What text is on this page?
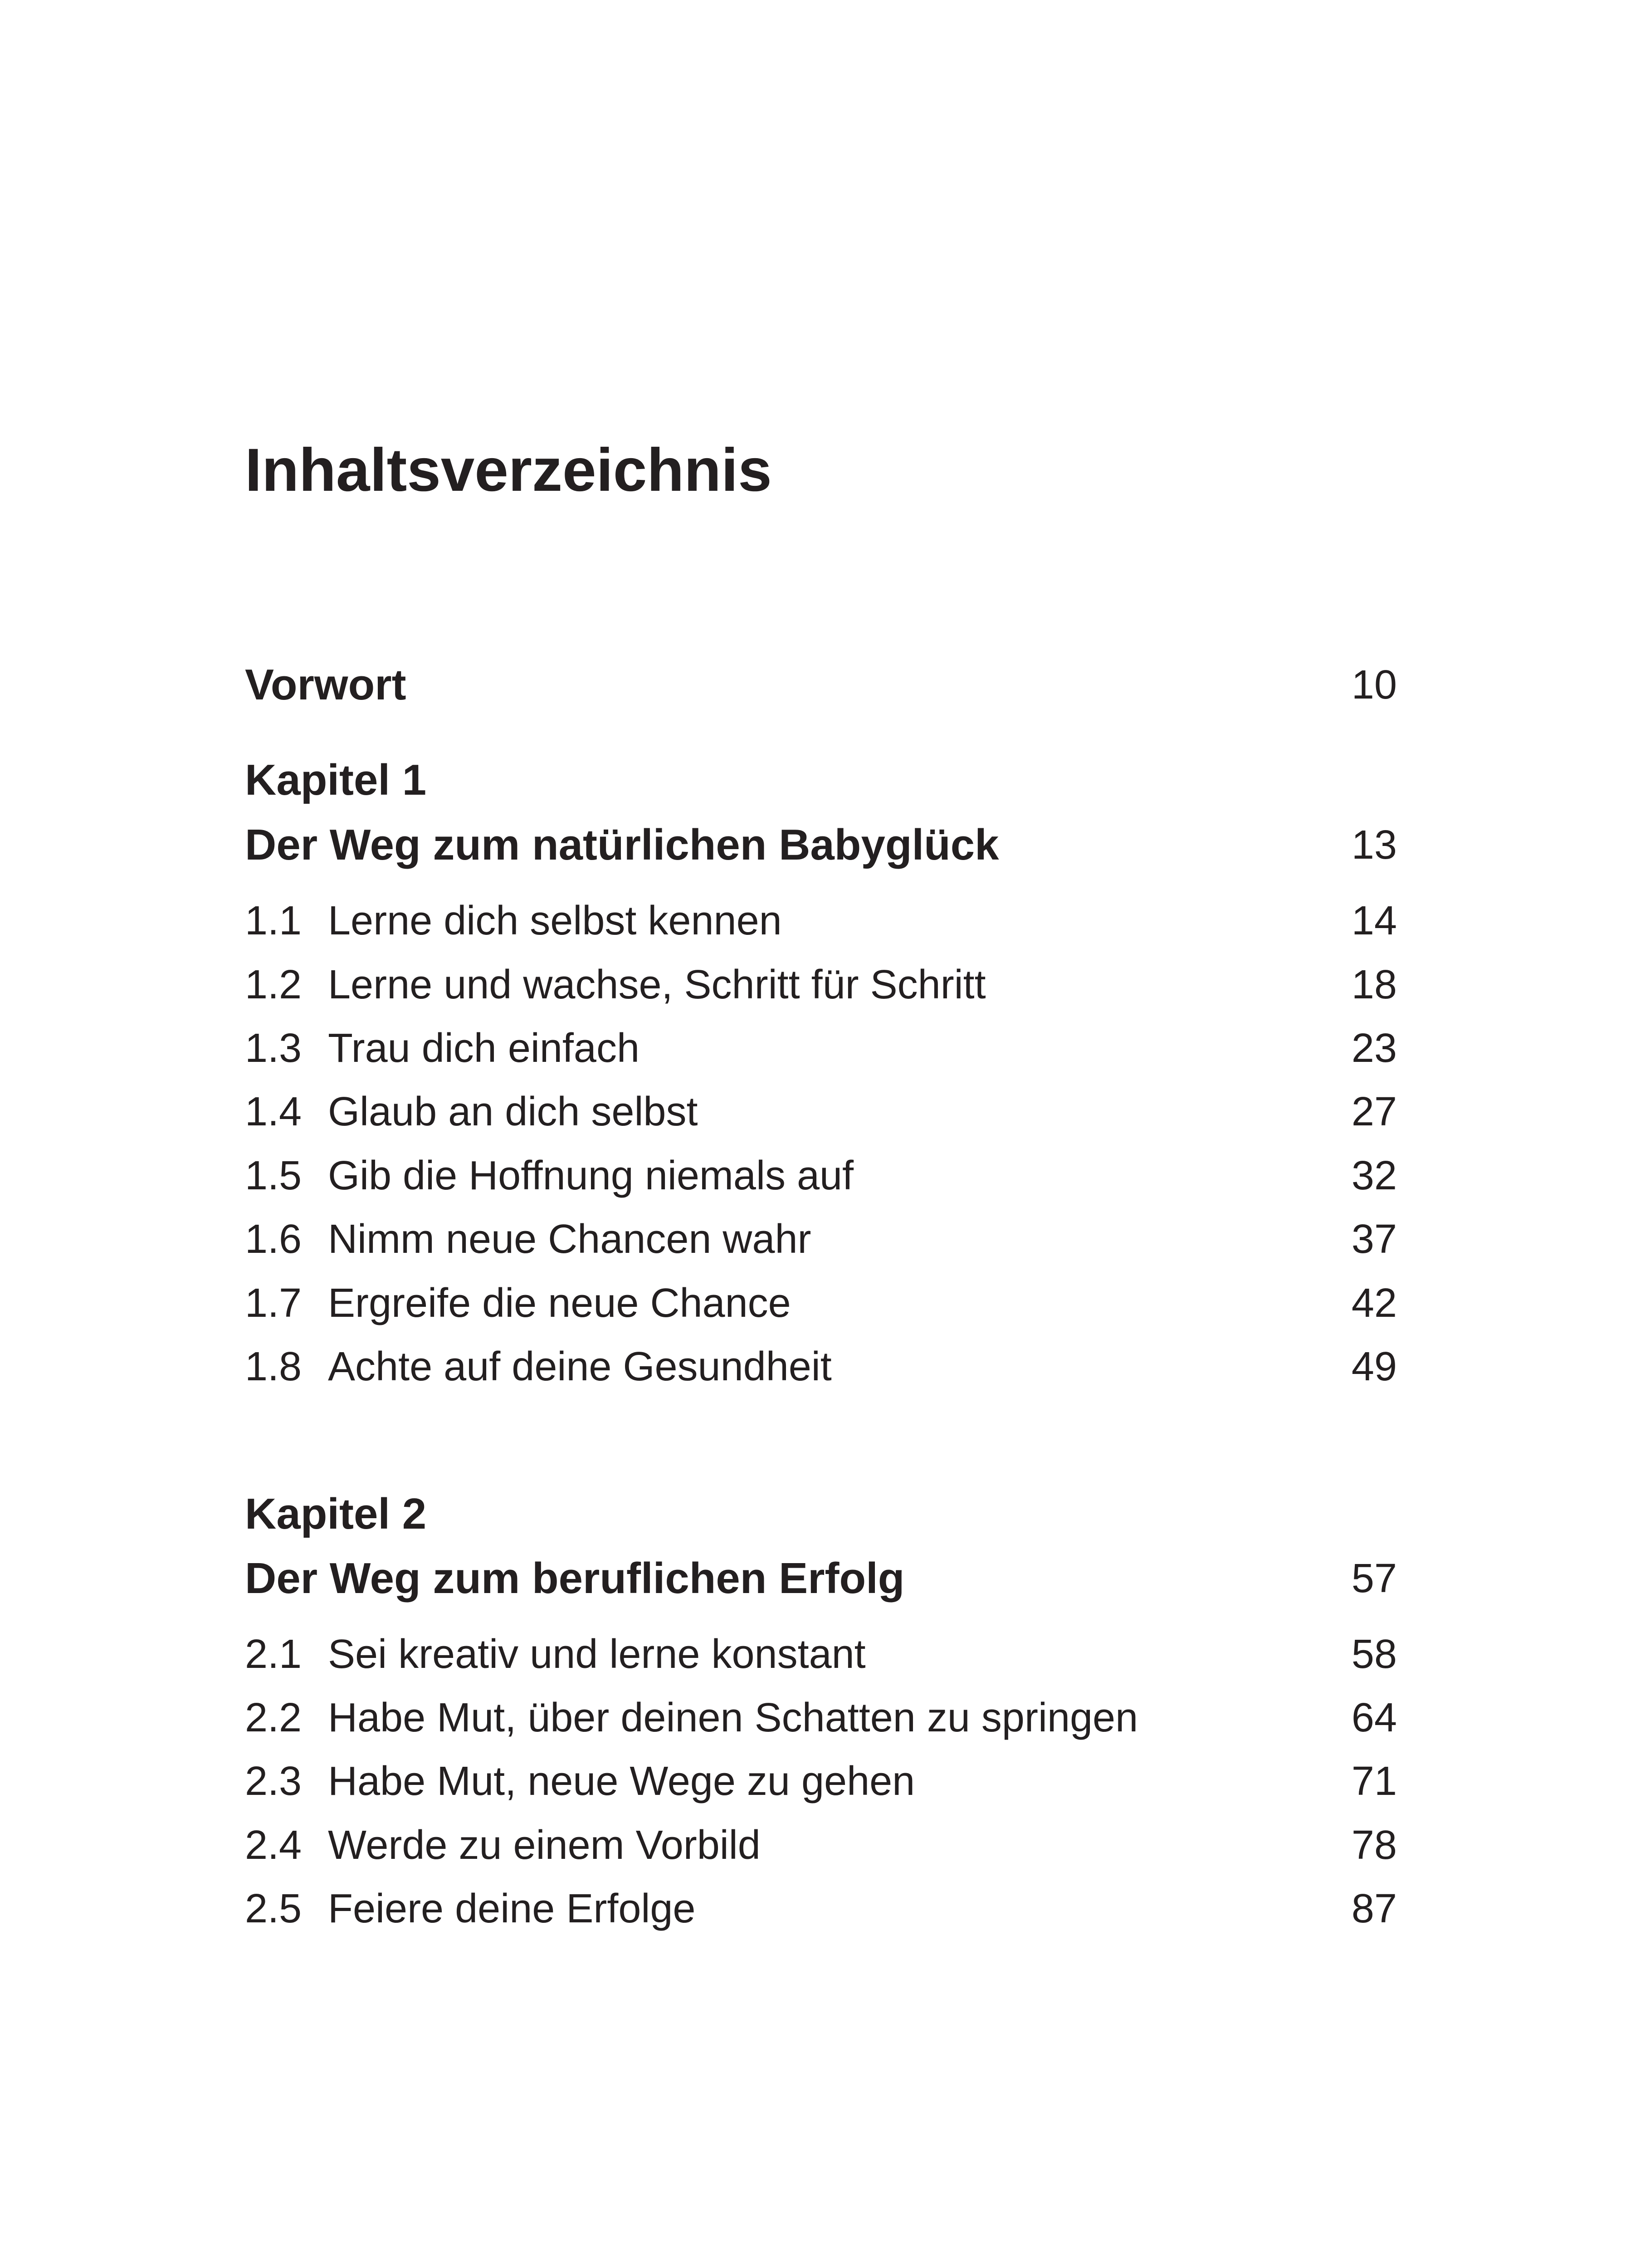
Inhaltsverzeichnis
Vorwort	10
Kapitel 1
Der Weg zum natürlichen Babyglück	13
1.1 Lerne dich selbst kennen	14
1.2 Lerne und wachse, Schritt für Schritt	18
1.3 Trau dich einfach	23
1.4 Glaub an dich selbst	27
1.5 Gib die Hoffnung niemals auf	32
1.6 Nimm neue Chancen wahr	37
1.7 Ergreife die neue Chance	42
1.8 Achte auf deine Gesundheit	49
Kapitel 2
Der Weg zum beruflichen Erfolg	57
2.1 Sei kreativ und lerne konstant	58
2.2 Habe Mut, über deinen Schatten zu springen	64
2.3 Habe Mut, neue Wege zu gehen	71
2.4 Werde zu einem Vorbild	78
2.5 Feiere deine Erfolge	87
